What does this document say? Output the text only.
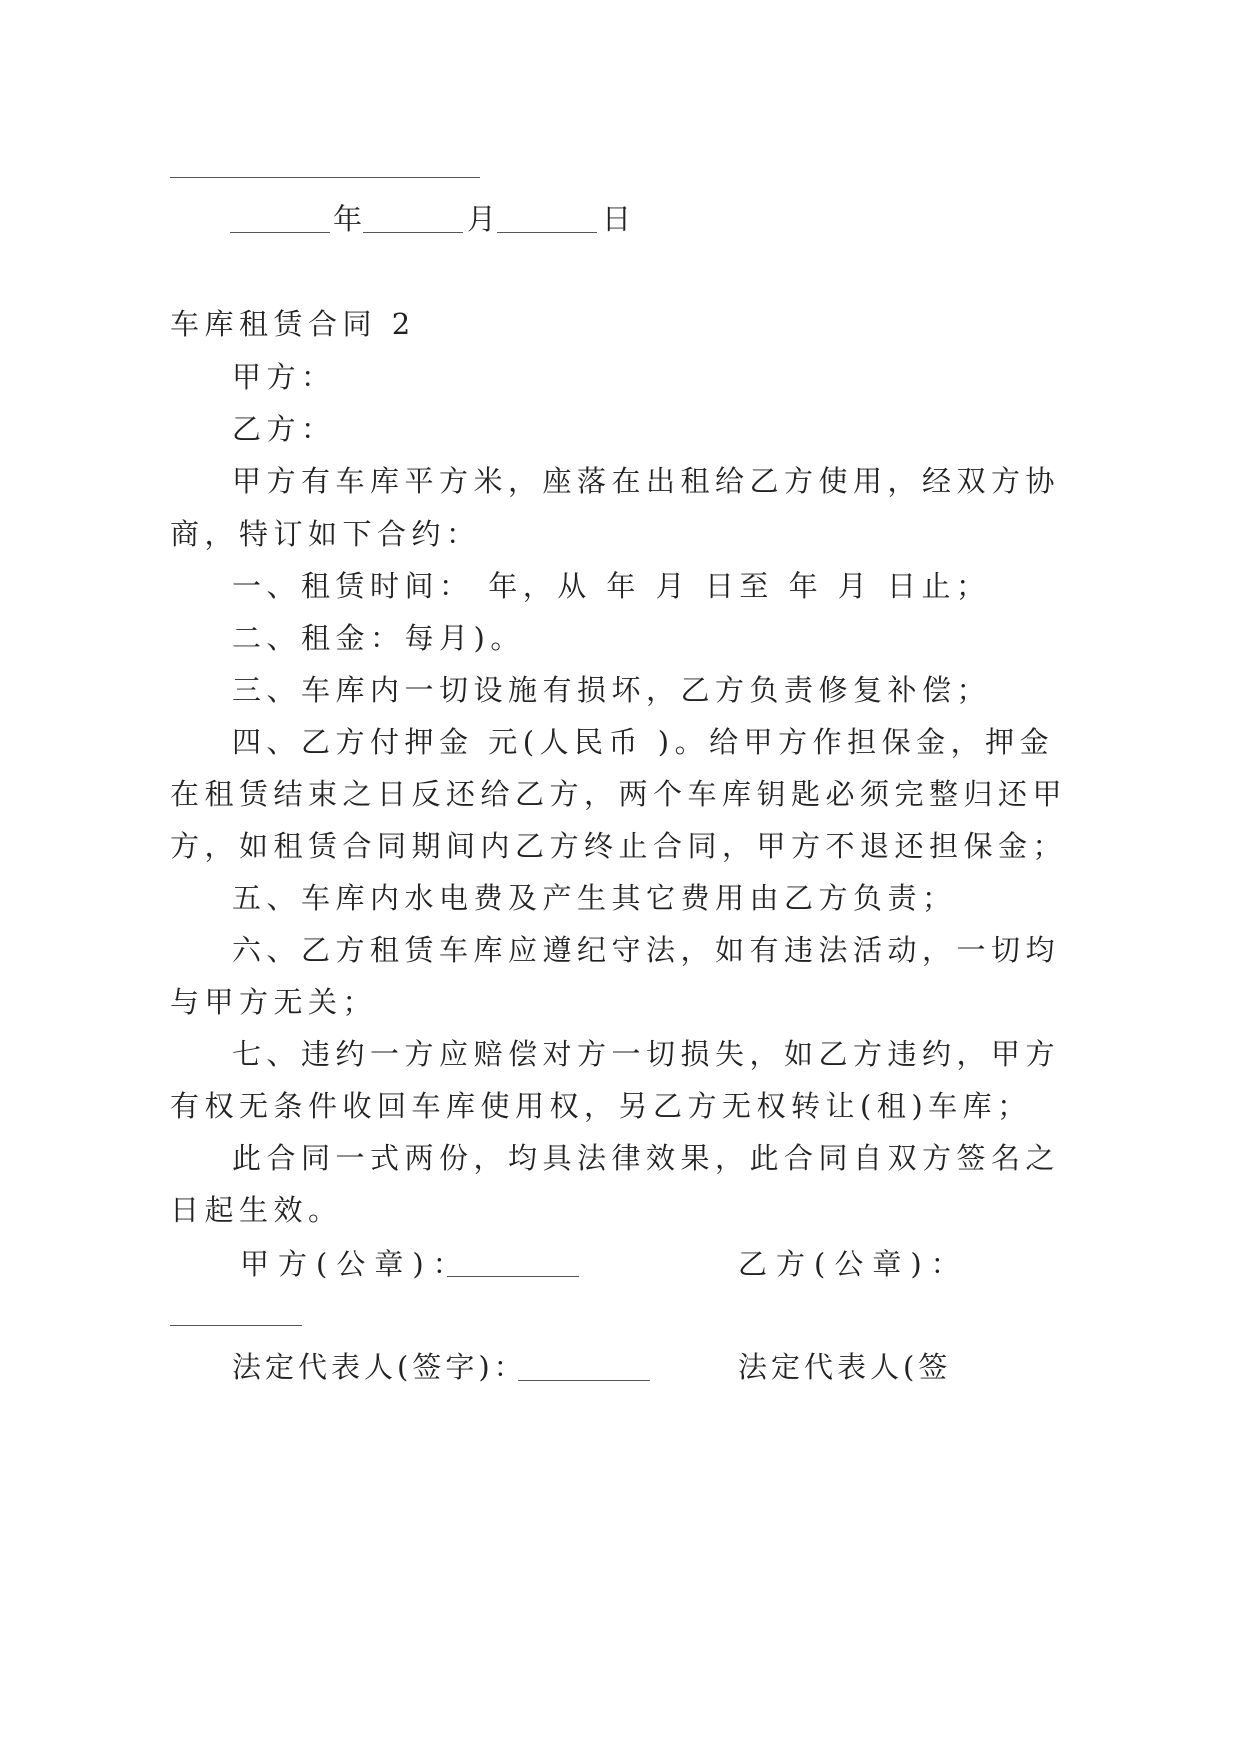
年	月	日
车库租赁合同 2
甲方：
乙方：
甲方有车库平方米，座落在出租给乙方使用，经双方协
商，特订如下合约：
一、租赁时间： 年，从 年 月 日至 年 月 日止；
二、租金：每月)。
三、车库内一切设施有损坏，乙方负责修复补偿；
四、乙方付押金 元(人民币 )。给甲方作担保金，押金
在租赁结束之日反还给乙方，两个车库钥匙必须完整归还甲
方，如租赁合同期间内乙方终止合同，甲方不退还担保金；
五、车库内水电费及产生其它费用由乙方负责；
六、乙方租赁车库应遵纪守法，如有违法活动，一切均
与甲方无关；
七、违约一方应赔偿对方一切损失，如乙方违约，甲方
有权无条件收回车库使用权，另乙方无权转让(租)车库；
此合同一式两份，均具法律效果，此合同自双方签名之
日起生效。
甲方(公章)：	乙方(公章)：
法定代表人(签字)：	法定代表人(签
